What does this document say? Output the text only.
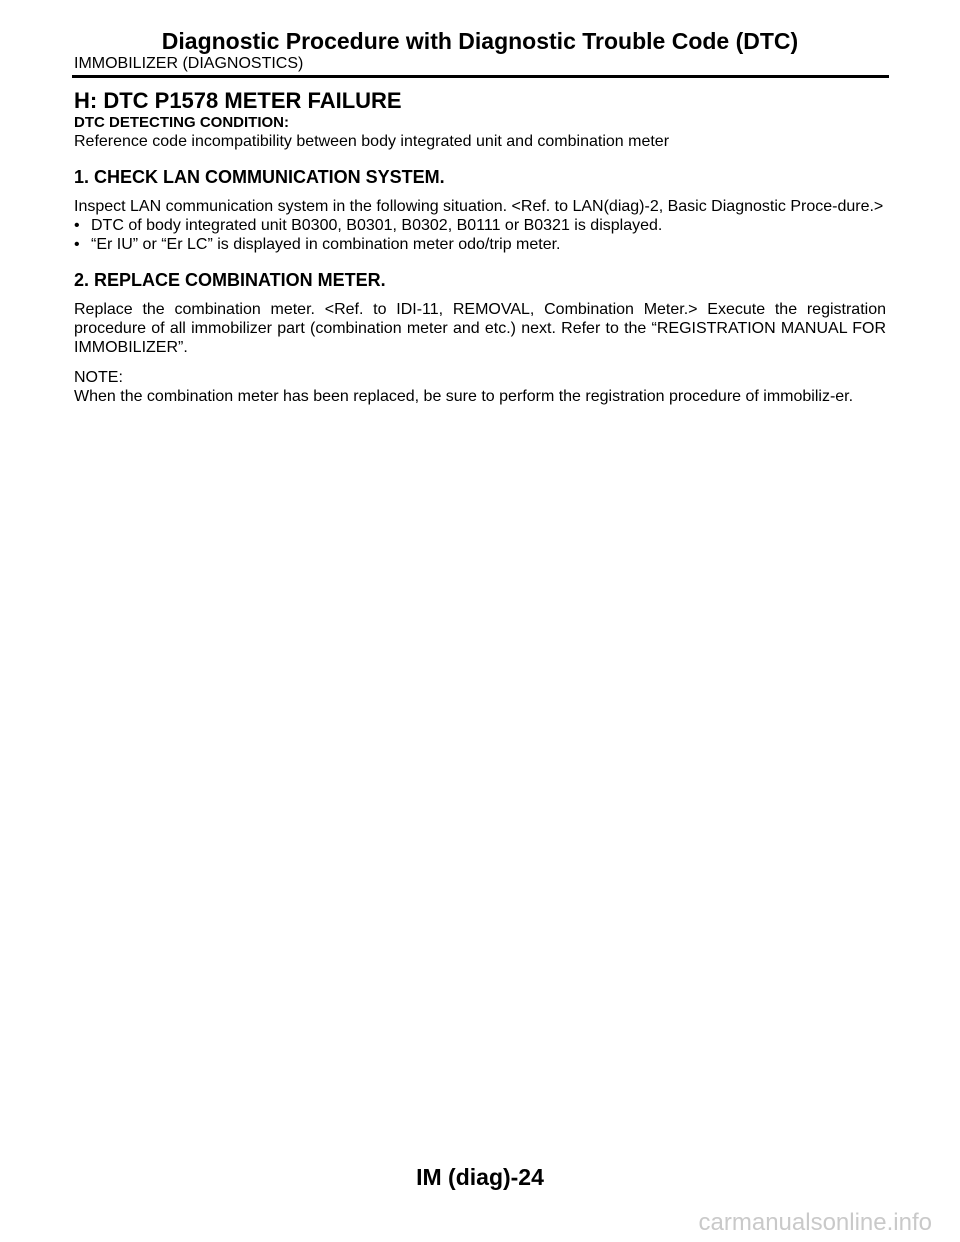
Diagnostic Procedure with Diagnostic Trouble Code (DTC)
IMMOBILIZER (DIAGNOSTICS)

H: DTC P1578 METER FAILURE

DTC DETECTING CONDITION:

Reference code incompatibility between body integrated unit and combination meter

1. CHECK LAN COMMUNICATION SYSTEM.

Inspect LAN communication system in the following situation. <Ref. to LAN(diag)-2, Basic Diagnostic Proce-dure.>

• DTC of body integrated unit B0300, B0301, B0302, B0111 or B0321 is displayed.
• “Er IU” or “Er LC” is displayed in combination meter odo/trip meter.

2. REPLACE COMBINATION METER.

Replace the combination meter. <Ref. to IDI-11, REMOVAL, Combination Meter.> Execute the registration procedure of all immobilizer part (combination meter and etc.) next. Refer to the “REGISTRATION MANUAL FOR IMMOBILIZER”.

NOTE:

When the combination meter has been replaced, be sure to perform the registration procedure of immobiliz-er.

IM (diag)-24
carmanualsonline.info
